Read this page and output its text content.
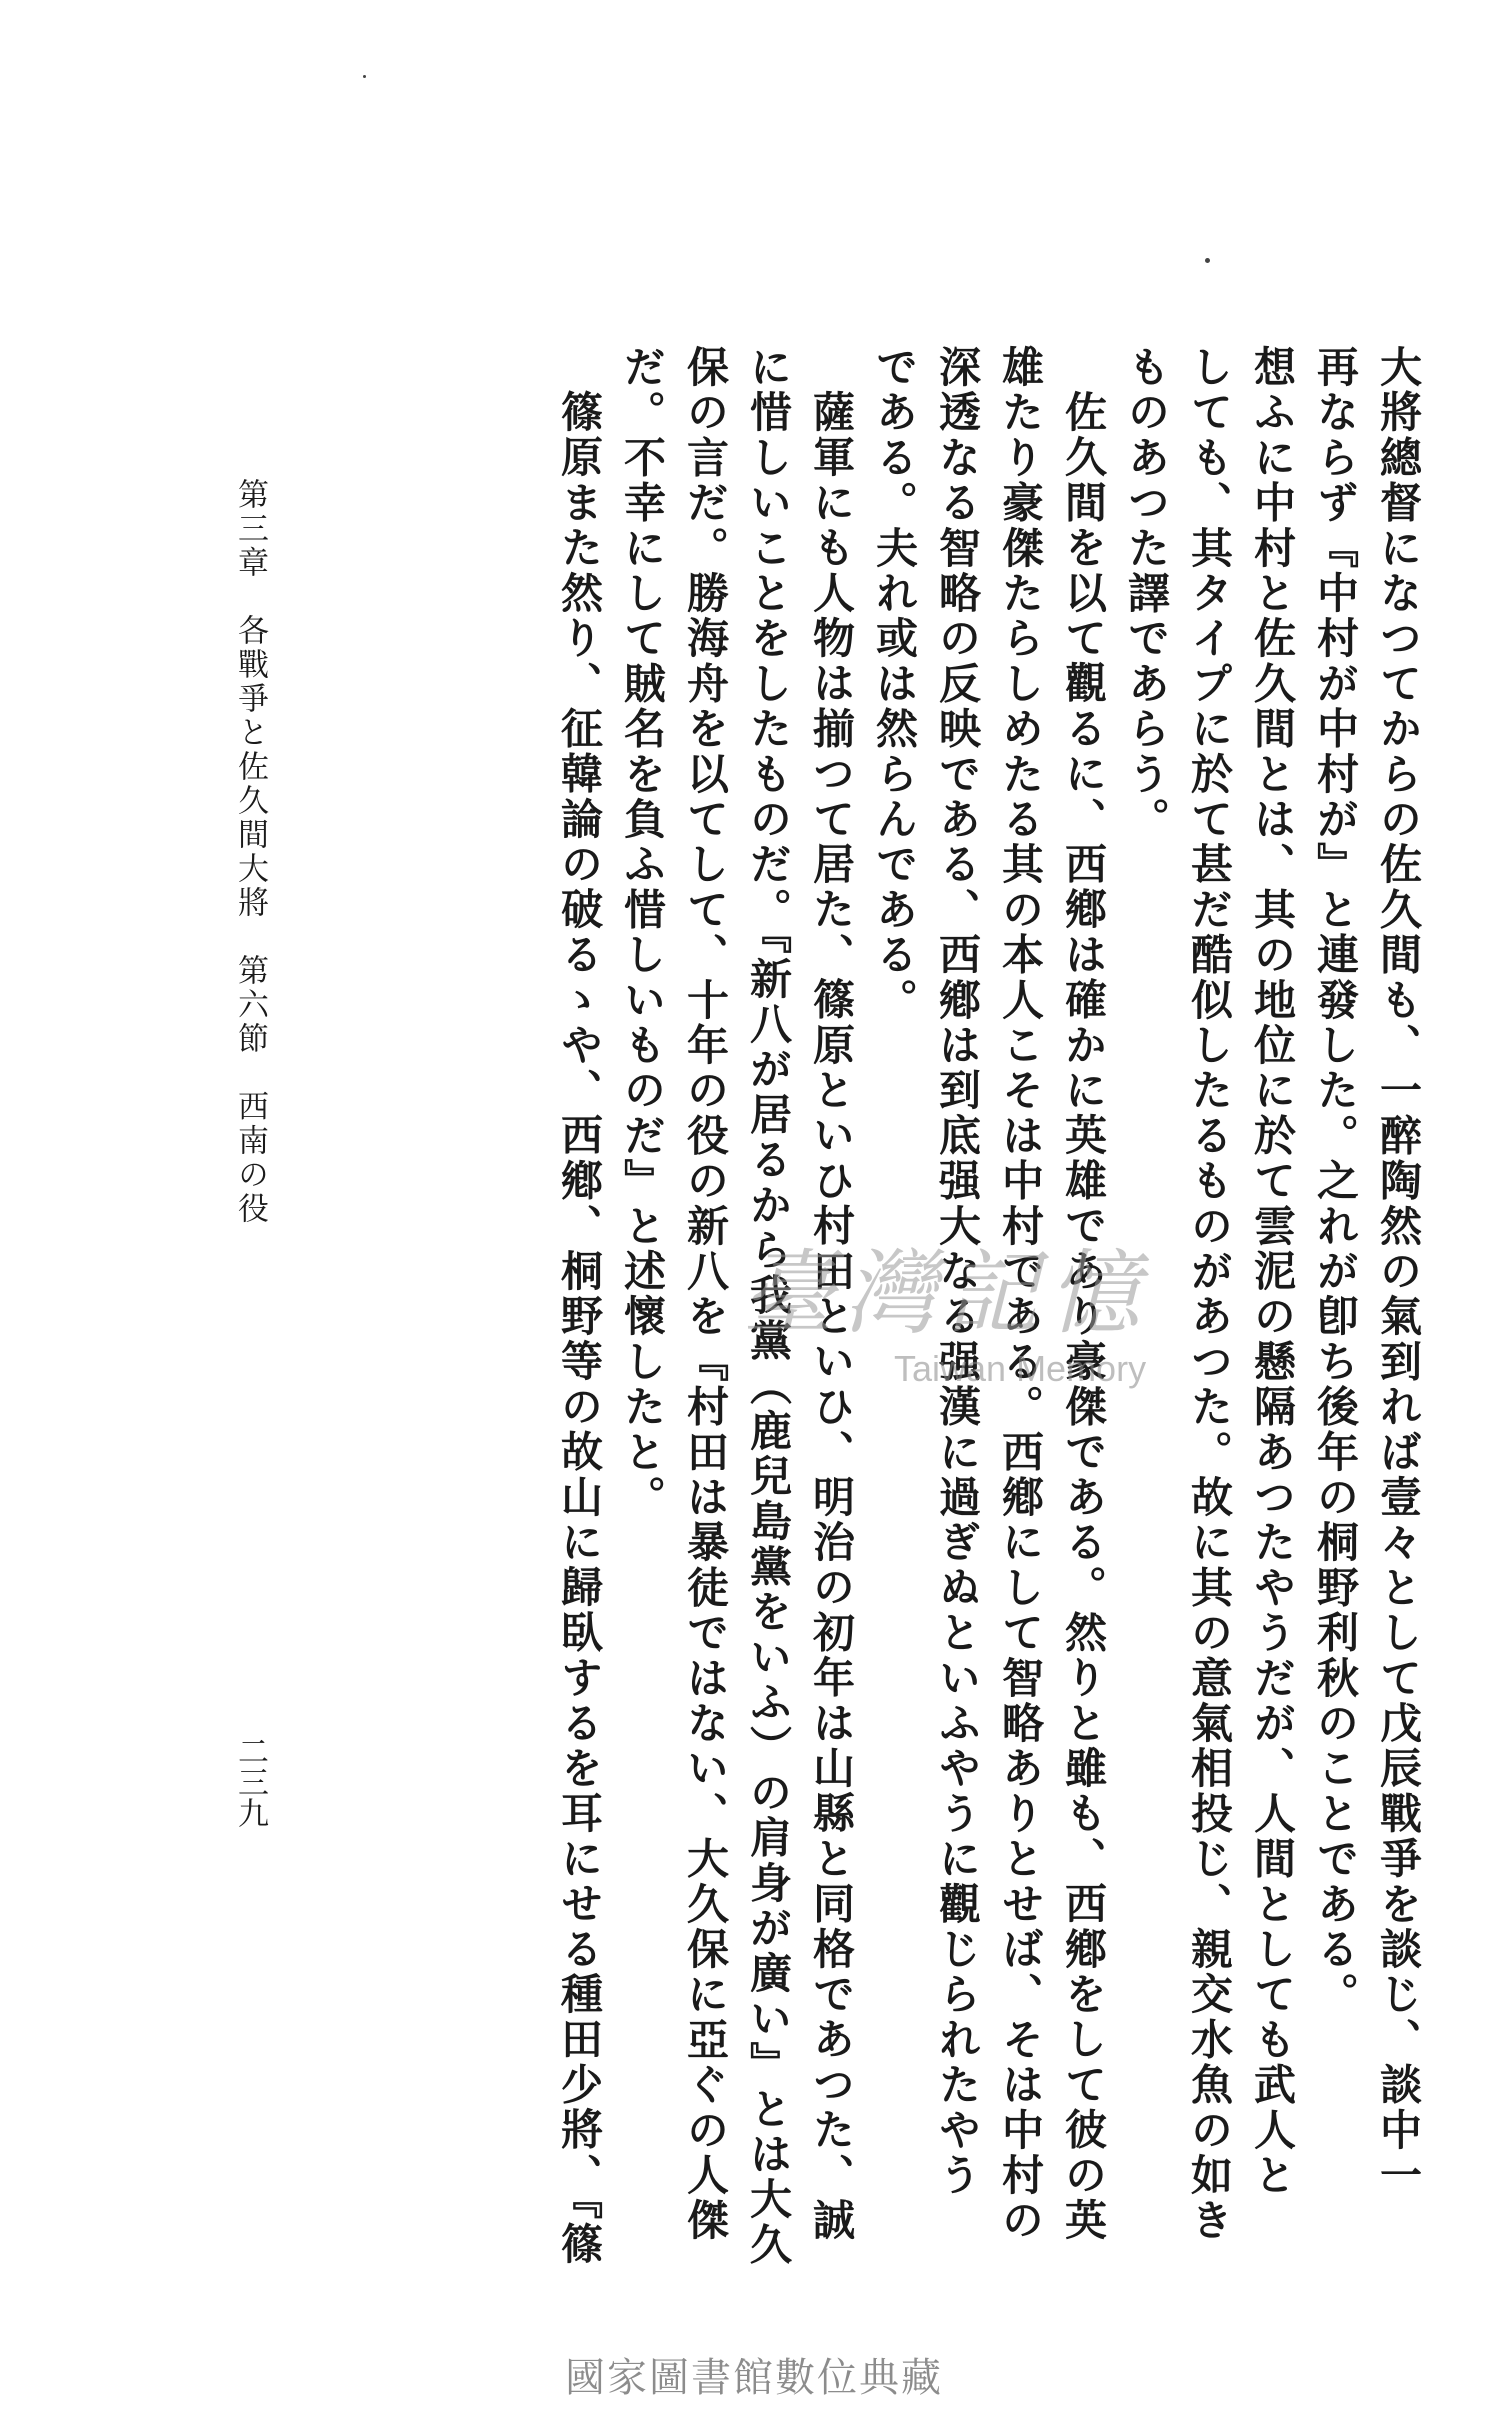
大將總督になつてからの佐久間も、一醉陶然の氣到れば壹々として戊辰戰爭を談じ、談中一

再ならず『中村が中村が』と連發した。之れが卽ち後年の桐野利秋のことである。

想ふに中村と佐久間とは、其の地位に於て雲泥の懸隔あつたやうだが、人間としても武人と

しても、其タイプに於て甚だ酷似したるものがあつた。故に其の意氣相投じ、親交水魚の如き

ものあつた譯であらう。

佐久間を以て觀るに、西鄕は確かに英雄であり豪傑である。然りと雖も、西鄕をして彼の英

雄たり豪傑たらしめたる其の本人こそは中村である。西鄕にして智略ありとせば、そは中村の

深透なる智略の反映である、西鄕は到底强大なる强漢に過ぎぬといふやうに觀じられたやう

である。夫れ或は然らんである。

薩軍にも人物は揃つて居た、篠原といひ村田といひ、明治の初年は山縣と同格であつた、誠

に惜しいことをしたものだ。『新八が居るから我黨（鹿兒島黨をいふ）の肩身が廣い』とは大久

保の言だ。勝海舟を以てして、十年の役の新八を『村田は暴徒ではない、大久保に亞ぐの人傑

だ。不幸にして賊名を負ふ惜しいものだ』と述懷したと。

篠原また然り、征韓論の破るゝや、西鄕、桐野等の故山に歸臥するを耳にせる種田少將、『篠

第三章　各戰爭と佐久間大將　第六節　西南の役
二三九
臺灣記憶
Taiwan Memory
國家圖書館數位典藏
